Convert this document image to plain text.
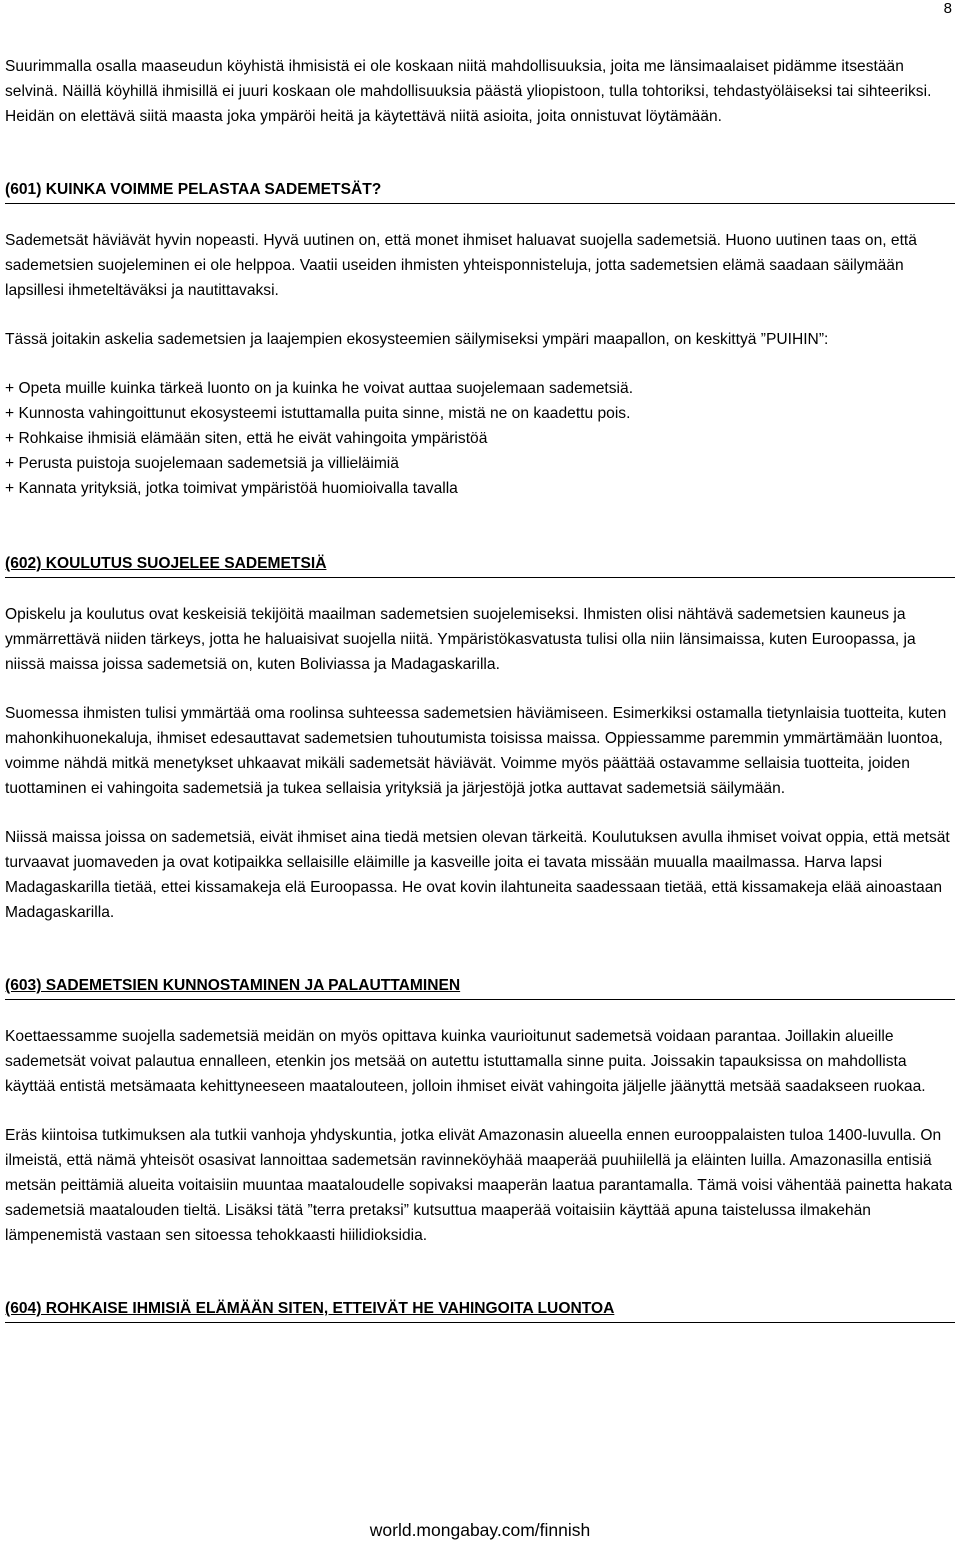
8

Suurimmalla osalla maaseudun köyhistä ihmisistä ei ole koskaan niitä mahdollisuuksia, joita me länsimaalaiset pidämme itsestään selvinä. Näillä köyhillä ihmisillä ei juuri koskaan ole mahdollisuuksia päästä yliopistoon, tulla tohtoriksi, tehdastyöläiseksi tai sihteeriksi. Heidän on elettävä siitä maasta joka ympäröi heitä ja käytettävä niitä asioita, joita onnistuvat löytämään.

(601) KUINKA VOIMME PELASTAA SADEMETSÄT?

Sademetsät häviävät hyvin nopeasti. Hyvä uutinen on, että monet ihmiset haluavat suojella sademetsiä. Huono uutinen taas on, että sademetsien suojeleminen ei ole helppoa. Vaatii useiden ihmisten yhteisponnisteluja, jotta sademetsien elämä saadaan säilymään lapsillesi ihmeteltäväksi ja nautittavaksi.

Tässä joitakin askelia sademetsien ja laajempien ekosysteemien säilymiseksi ympäri maapallon, on keskittyä ”PUIHIN”:

+ Opeta muille kuinka tärkeä luonto on ja kuinka he voivat auttaa suojelemaan sademetsiä.

+ Kunnosta vahingoittunut ekosysteemi istuttamalla puita sinne, mistä ne on kaadettu pois.

+ Rohkaise ihmisiä elämään siten, että he eivät vahingoita ympäristöä

+ Perusta puistoja suojelemaan sademetsiä ja villieläimiä

+ Kannata yrityksiä, jotka toimivat ympäristöä huomioivalla tavalla

(602) KOULUTUS SUOJELEE SADEMETSIÄ

Opiskelu ja koulutus ovat keskeisiä tekijöitä maailman sademetsien suojelemiseksi. Ihmisten olisi nähtävä sademetsien kauneus ja ymmärrettävä niiden tärkeys, jotta he haluaisivat suojella niitä. Ympäristökasvatusta tulisi olla niin länsimaissa, kuten Euroopassa, ja niissä maissa joissa sademetsiä on, kuten Boliviassa ja Madagaskarilla.

Suomessa ihmisten tulisi ymmärtää oma roolinsa suhteessa sademetsien häviämiseen. Esimerkiksi ostamalla tietynlaisia tuotteita, kuten mahonkihuonekaluja, ihmiset edesauttavat sademetsien tuhoutumista toisissa maissa. Oppiessamme paremmin ymmärtämään luontoa, voimme nähdä mitkä menetykset uhkaavat mikäli sademetsät häviävät. Voimme myös päättää ostavamme sellaisia tuotteita, joiden tuottaminen ei vahingoita sademetsiä ja tukea sellaisia yrityksiä ja järjestöjä jotka auttavat sademetsiä säilymään.

Niissä maissa joissa on sademetsiä, eivät ihmiset aina tiedä metsien olevan tärkeitä. Koulutuksen avulla ihmiset voivat oppia, että metsät turvaavat juomaveden ja ovat kotipaikka sellaisille eläimille ja kasveille joita ei tavata missään muualla maailmassa. Harva lapsi Madagaskarilla tietää, ettei kissamakeja elä Euroopassa. He ovat kovin ilahtuneita saadessaan tietää, että kissamakeja elää ainoastaan Madagaskarilla.

(603) SADEMETSIEN KUNNOSTAMINEN JA PALAUTTAMINEN

Koettaessamme suojella sademetsiä meidän on myös opittava kuinka vaurioitunut sademetsä voidaan parantaa. Joillakin alueille sademetsät voivat palautua ennalleen, etenkin jos metsää on autettu istuttamalla sinne puita. Joissakin tapauksissa on mahdollista käyttää entistä metsämaata kehittyneeseen maatalouteen, jolloin ihmiset eivät vahingoita jäljelle jäänyttä metsää saadakseen ruokaa.

Eräs kiintoisa tutkimuksen ala tutkii vanhoja yhdyskuntia, jotka elivät Amazonasin alueella ennen eurooppalaisten tuloa 1400-luvulla. On ilmeistä, että nämä yhteisöt osasivat lannoittaa sademetsän ravinneköyhää maaperää puuhiilellä ja eläinten luilla. Amazonasilla entisiä metsän peittämiä alueita voitaisiin muuntaa maataloudelle sopivaksi maaperän laatua parantamalla. Tämä voisi vähentää painetta hakata sademetsiä maatalouden tieltä. Lisäksi tätä ”terra pretaksi” kutsuttua maaperää voitaisiin käyttää apuna taistelussa ilmakehän lämpenemistä vastaan sen sitoessa tehokkaasti hiilidioksidia.

(604) ROHKAISE IHMISIÄ ELÄMÄÄN SITEN, ETTEIVÄT HE VAHINGOITA LUONTOA
world.mongabay.com/finnish
